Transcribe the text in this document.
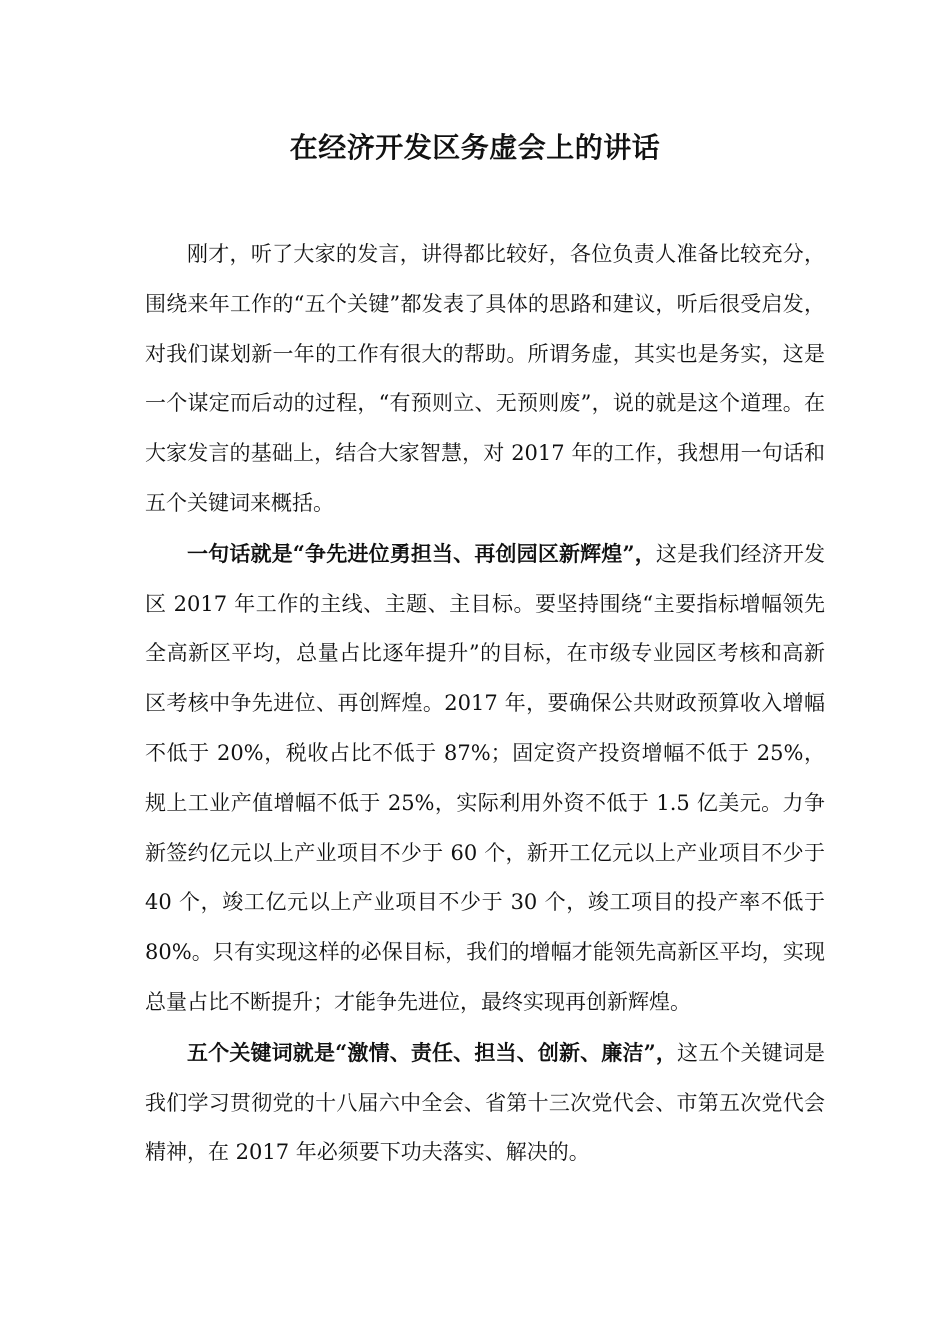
在经济开发区务虚会上的讲话

刚才，听了大家的发言，讲得都比较好，各位负责人准备比较充分，围绕来年工作的“五个关键”都发表了具体的思路和建议，听后很受启发，对我们谋划新一年的工作有很大的帮助。所谓务虚，其实也是务实，这是一个谋定而后动的过程，“有预则立、无预则废”，说的就是这个道理。在大家发言的基础上，结合大家智慧，对 2017 年的工作，我想用一句话和五个关键词来概括。

一句话就是“争先进位勇担当、再创园区新辉煌”，这是我们经济开发区 2017 年工作的主线、主题、主目标。要坚持围绕“主要指标增幅领先全高新区平均，总量占比逐年提升”的目标，在市级专业园区考核和高新区考核中争先进位、再创辉煌。2017 年，要确保公共财政预算收入增幅不低于 20%，税收占比不低于 87%；固定资产投资增幅不低于 25%，规上工业产值增幅不低于 25%，实际利用外资不低于 1.5 亿美元。力争新签约亿元以上产业项目不少于 60 个，新开工亿元以上产业项目不少于 40 个，竣工亿元以上产业项目不少于 30 个，竣工项目的投产率不低于 80%。只有实现这样的必保目标，我们的增幅才能领先高新区平均，实现总量占比不断提升；才能争先进位，最终实现再创新辉煌。

五个关键词就是“激情、责任、担当、创新、廉洁”，这五个关键词是我们学习贯彻党的十八届六中全会、省第十三次党代会、市第五次党代会精神，在 2017 年必须要下功夫落实、解决的。
